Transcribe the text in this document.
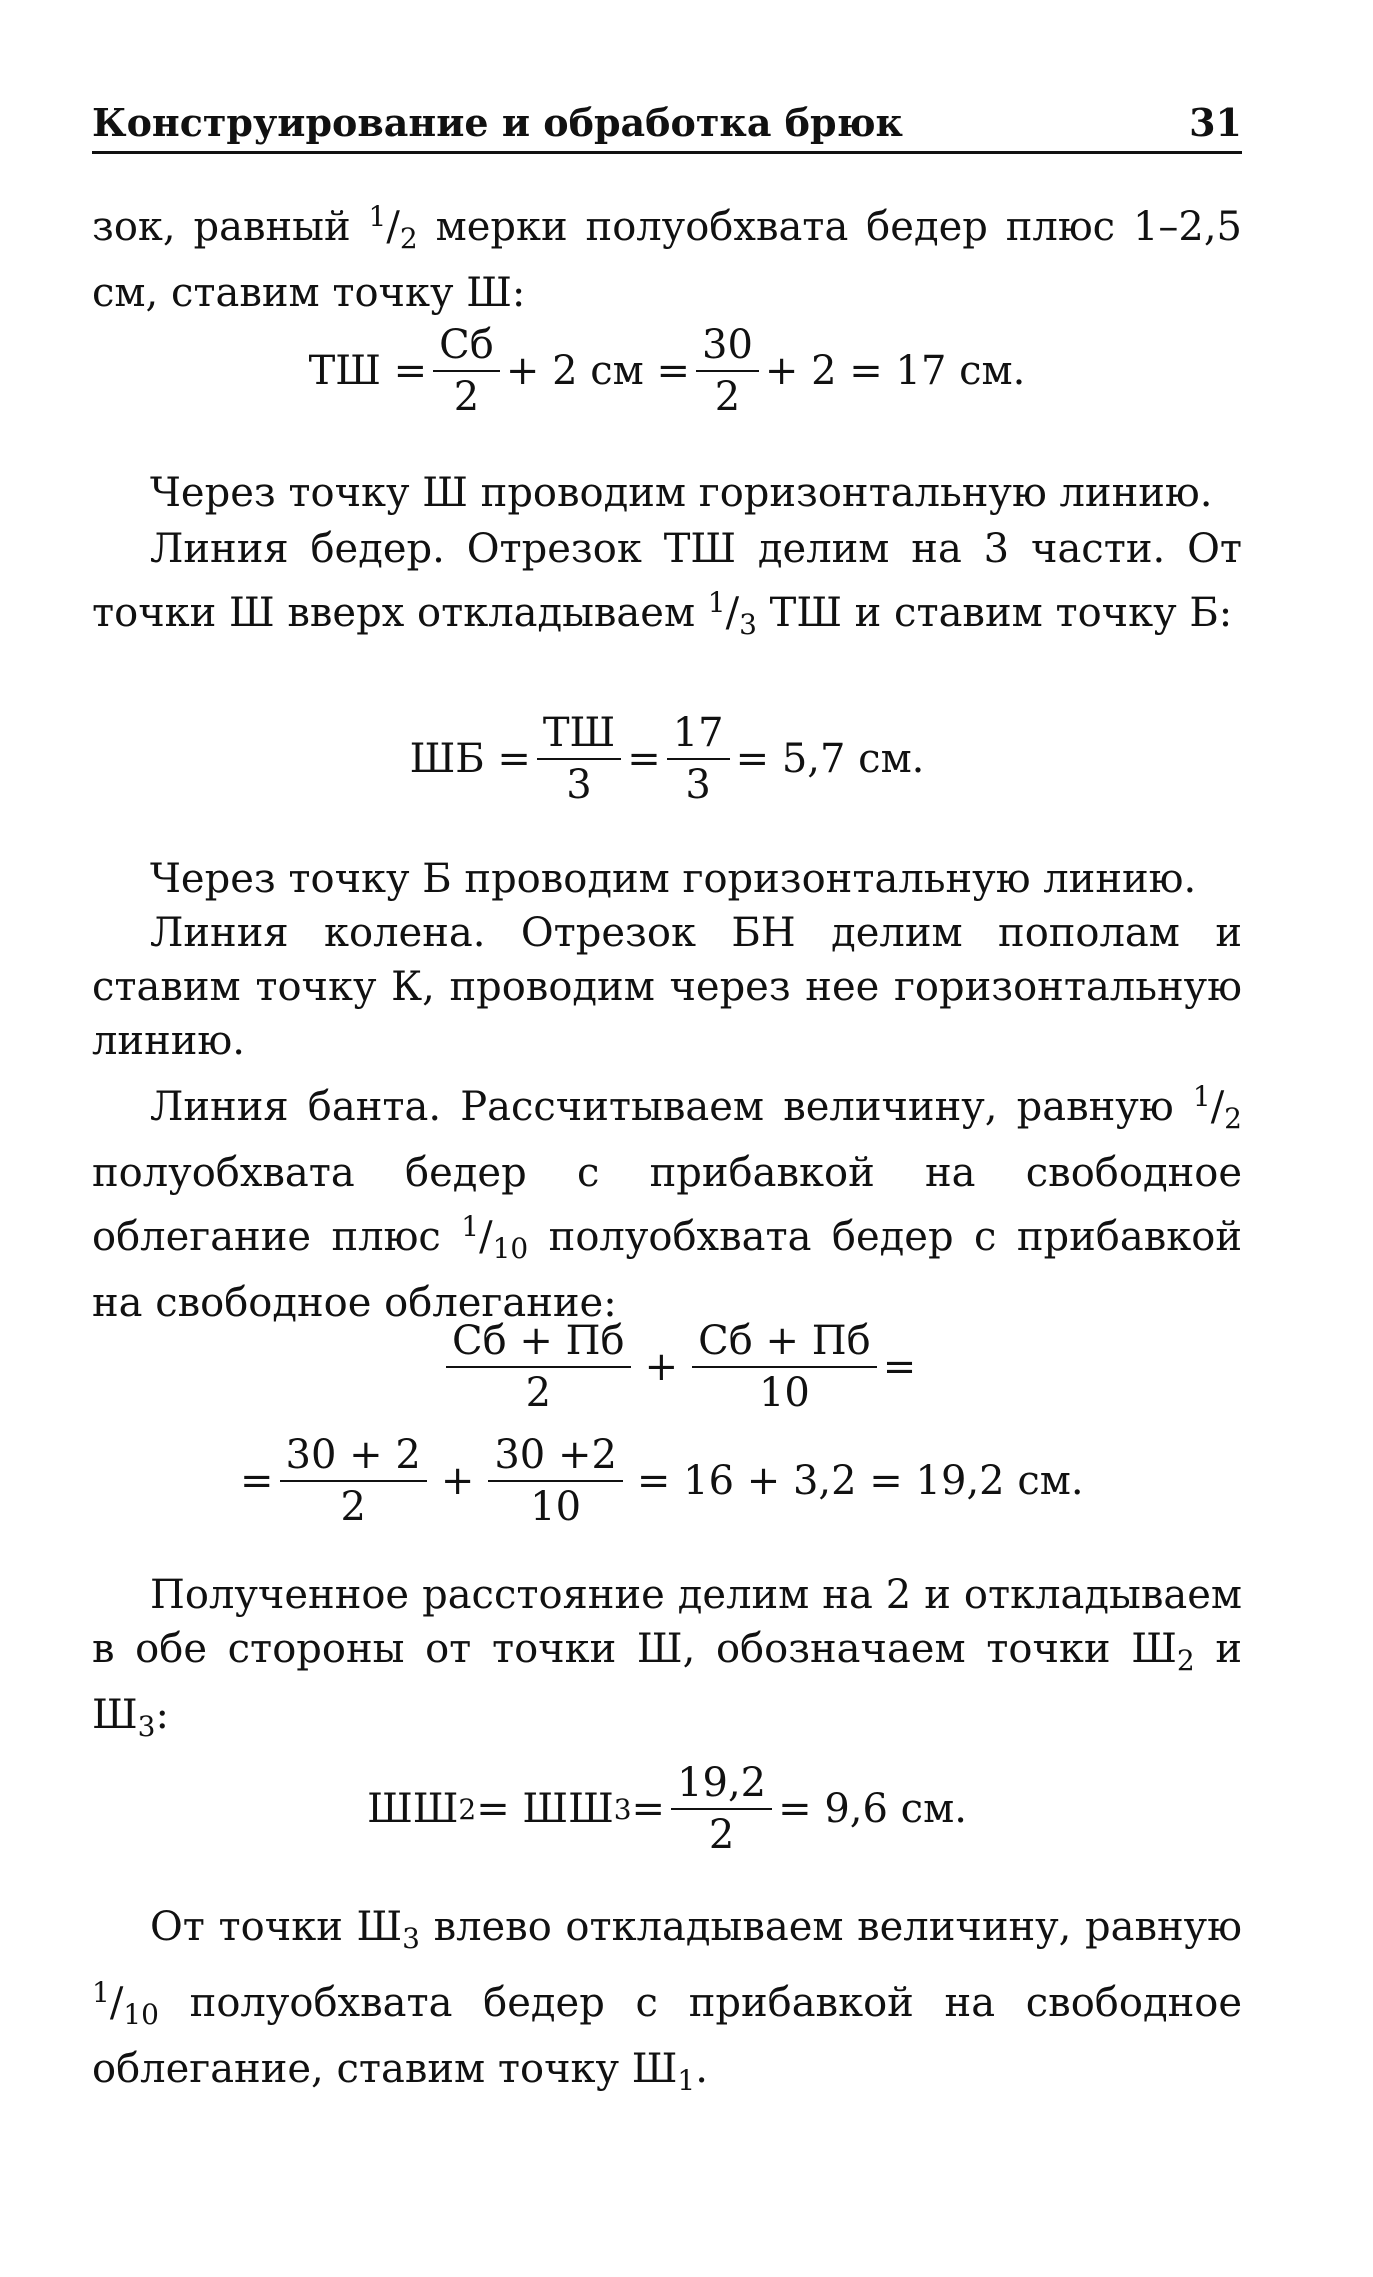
Конструирование и обработка брюк	31

зок, равный $^1/_2$ мерки полуобхвата бедер плюс 1–2,5 см, ставим точку Ш:

ТШ = $\frac{Сб}{2} + 2$ см = $\frac{30}{2} + 2 = 17$ см.

Через точку Ш проводим горизонтальную линию.

Линия бедер. Отрезок ТШ делим на 3 части. От точки Ш вверх откладываем $^1/_3$ ТШ и ставим точку Б:

ШБ = $\frac{ТШ}{3} = \frac{17}{3} = 5,7$ см.

Через точку Б проводим горизонтальную линию.

Линия колена. Отрезок БН делим пополам и ставим точку К, проводим через нее горизонтальную линию.

Линия банта. Рассчитываем величину, равную $^1/_2$ полуобхвата бедер с прибавкой на свободное облегание плюс $^1/_{10}$ полуобхвата бедер с прибавкой на свободное облегание:

$\frac{Сб + Пб}{2} + \frac{Сб + Пб}{10}$ =
= $\frac{30 + 2}{2} + \frac{30 +2}{10} = 16 + 3,2 = 19,2$ см.

Полученное расстояние делим на 2 и откладываем в обе стороны от точки Ш, обозначаем точки $Ш_2$ и $Ш_3$:

ШШ 2 = ШШ $3 = \frac{19,2}{2} = 9,6$ см.

От точки $Ш_3$ влево откладываем величину, равную $^1/_{10}$ полуобхвата бедер с прибавкой на свободное облегание, ставим точку $Ш_1$.
